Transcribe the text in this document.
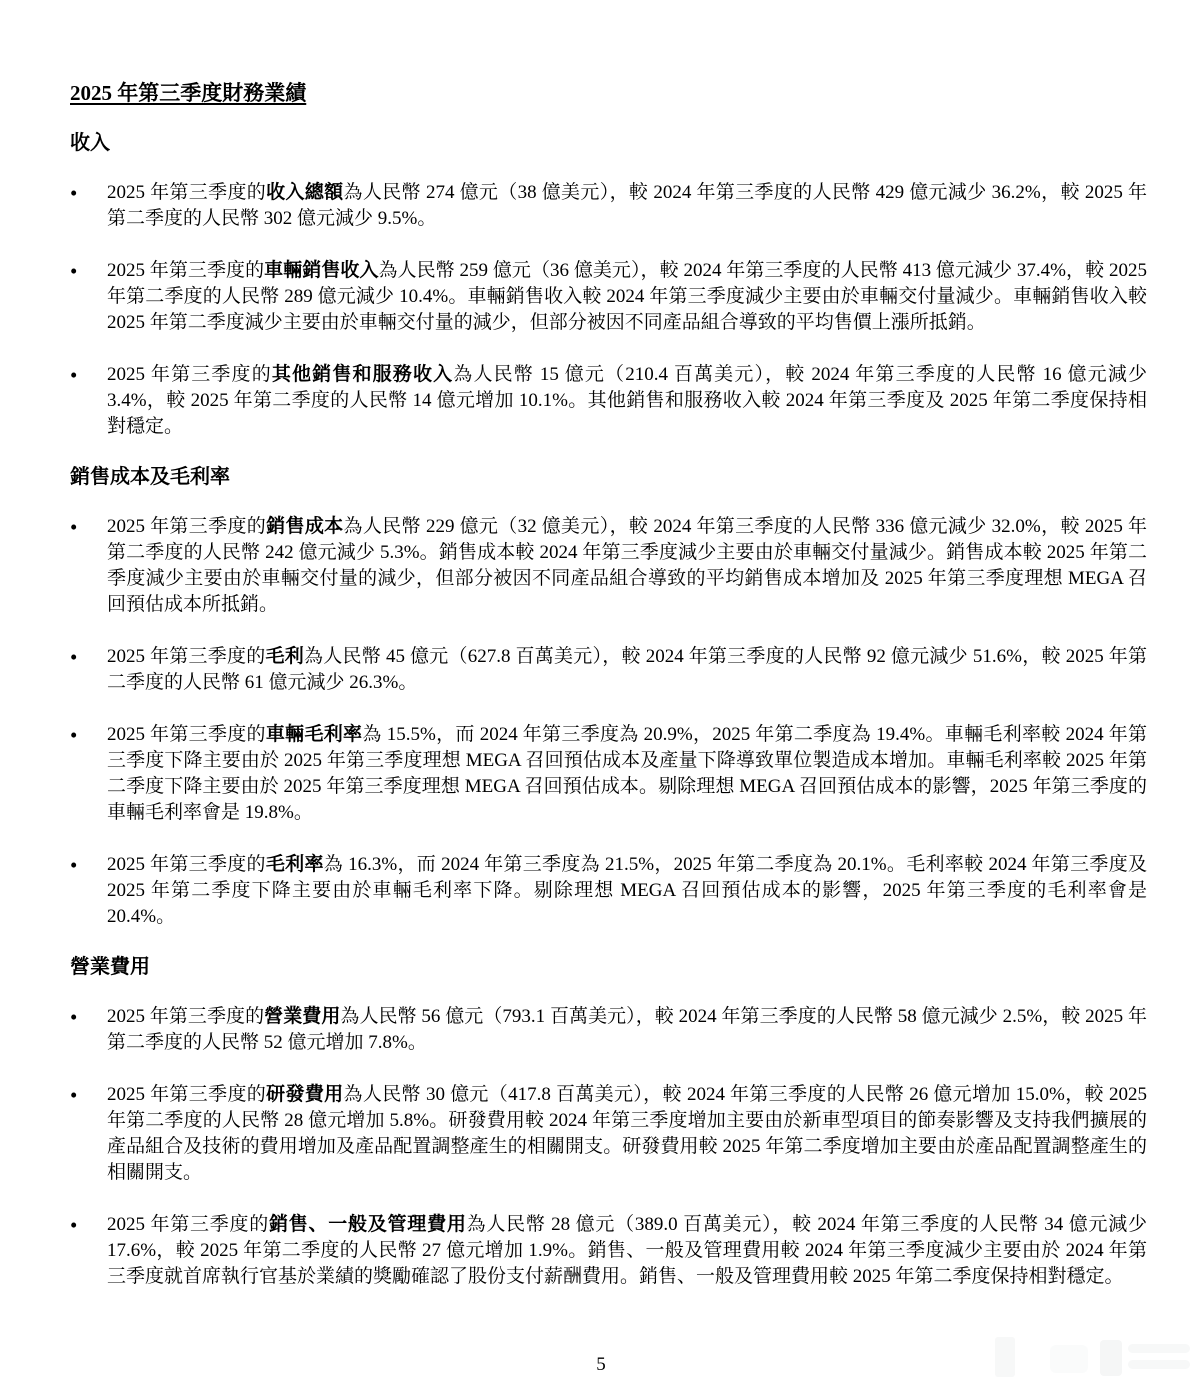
2025 年第三季度財務業績
收入
• 2025 年第三季度的收入總額為人民幣 274 億元（38 億美元），較 2024 年第三季度的人民幣 429 億元減少 36.2%，較 2025 年第二季度的人民幣 302 億元減少 9.5%。
• 2025 年第三季度的車輛銷售收入為人民幣 259 億元（36 億美元），較 2024 年第三季度的人民幣 413 億元減少 37.4%，較 2025 年第二季度的人民幣 289 億元減少 10.4%。車輛銷售收入較 2024 年第三季度減少主要由於車輛交付量減少。車輛銷售收入較 2025 年第二季度減少主要由於車輛交付量的減少，但部分被因不同產品組合導致的平均售價上漲所抵銷。
• 2025 年第三季度的其他銷售和服務收入為人民幣 15 億元（210.4 百萬美元），較 2024 年第三季度的人民幣 16 億元減少 3.4%，較 2025 年第二季度的人民幣 14 億元增加 10.1%。其他銷售和服務收入較 2024 年第三季度及 2025 年第二季度保持相對穩定。
銷售成本及毛利率
• 2025 年第三季度的銷售成本為人民幣 229 億元（32 億美元），較 2024 年第三季度的人民幣 336 億元減少 32.0%，較 2025 年第二季度的人民幣 242 億元減少 5.3%。銷售成本較 2024 年第三季度減少主要由於車輛交付量減少。銷售成本較 2025 年第二季度減少主要由於車輛交付量的減少，但部分被因不同產品組合導致的平均銷售成本增加及 2025 年第三季度理想 MEGA 召回預估成本所抵銷。
• 2025 年第三季度的毛利為人民幣 45 億元（627.8 百萬美元），較 2024 年第三季度的人民幣 92 億元減少 51.6%，較 2025 年第二季度的人民幣 61 億元減少 26.3%。
• 2025 年第三季度的車輛毛利率為 15.5%，而 2024 年第三季度為 20.9%，2025 年第二季度為 19.4%。車輛毛利率較 2024 年第三季度下降主要由於 2025 年第三季度理想 MEGA 召回預估成本及產量下降導致單位製造成本增加。車輛毛利率較 2025 年第二季度下降主要由於 2025 年第三季度理想 MEGA 召回預估成本。剔除理想 MEGA 召回預估成本的影響，2025 年第三季度的車輛毛利率會是 19.8%。
• 2025 年第三季度的毛利率為 16.3%，而 2024 年第三季度為 21.5%，2025 年第二季度為 20.1%。毛利率較 2024 年第三季度及 2025 年第二季度下降主要由於車輛毛利率下降。剔除理想 MEGA 召回預估成本的影響，2025 年第三季度的毛利率會是 20.4%。
營業費用
• 2025 年第三季度的營業費用為人民幣 56 億元（793.1 百萬美元），較 2024 年第三季度的人民幣 58 億元減少 2.5%，較 2025 年第二季度的人民幣 52 億元增加 7.8%。
• 2025 年第三季度的研發費用為人民幣 30 億元（417.8 百萬美元），較 2024 年第三季度的人民幣 26 億元增加 15.0%，較 2025 年第二季度的人民幣 28 億元增加 5.8%。研發費用較 2024 年第三季度增加主要由於新車型項目的節奏影響及支持我們擴展的產品組合及技術的費用增加及產品配置調整產生的相關開支。研發費用較 2025 年第二季度增加主要由於產品配置調整產生的相關開支。
• 2025 年第三季度的銷售、一般及管理費用為人民幣 28 億元（389.0 百萬美元），較 2024 年第三季度的人民幣 34 億元減少 17.6%，較 2025 年第二季度的人民幣 27 億元增加 1.9%。銷售、一般及管理費用較 2024 年第三季度減少主要由於 2024 年第三季度就首席執行官基於業績的獎勵確認了股份支付薪酬費用。銷售、一般及管理費用較 2025 年第二季度保持相對穩定。
5
